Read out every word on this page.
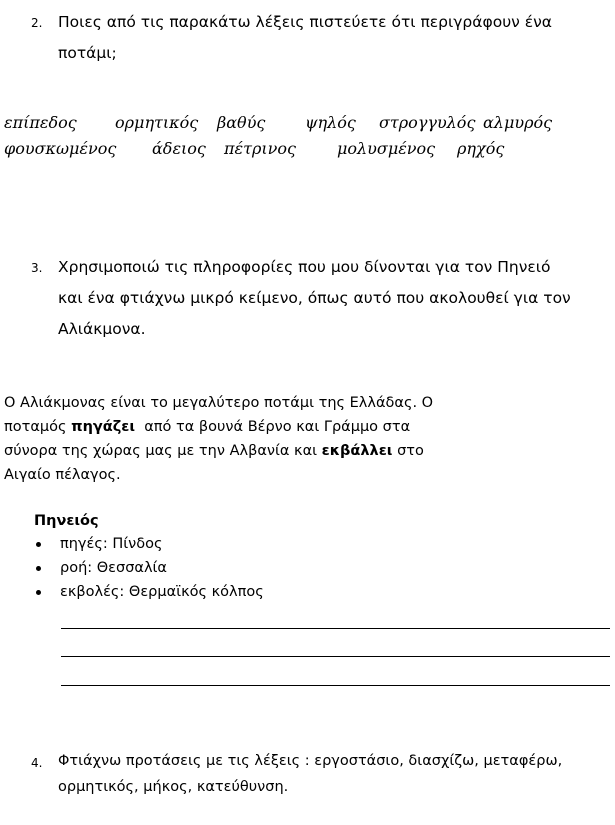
2. Ποιες από τις παρακάτω λέξεις πιστεύετε ότι περιγράφουν ένα
ποτάμι;
επίπεδος ορμητικός βαθύς ψηλός στρογγυλός αλμυρός
φουσκωμένος άδειος πέτρινος	μολυσμένος ρηχός
3. Χρησιμοποιώ τις πληροφορίες που μου δίνονται για τον Πηνειό
και ένα φτιάχνω μικρό κείμενο, όπως αυτό που ακολουθεί για τον
Αλιάκμονα.
Ο Αλιάκμονας είναι το μεγαλύτερο ποτάμι της Ελλάδας. Ο
ποταμός πηγάζει  από τα βουνά Βέρνο και Γράμμο στα
σύνορα της χώρας μας με την Αλβανία και εκβάλλει στο
Αιγαίο πέλαγος.
Πηνειός
πηγές: Πίνδος
ροή: Θεσσαλία
εκβολές: Θερμαϊκός κόλπος
4. Φτιάχνω προτάσεις με τις λέξεις : εργοστάσιο, διασχίζω, μεταφέρω,
ορμητικός, μήκος, κατεύθυνση.
